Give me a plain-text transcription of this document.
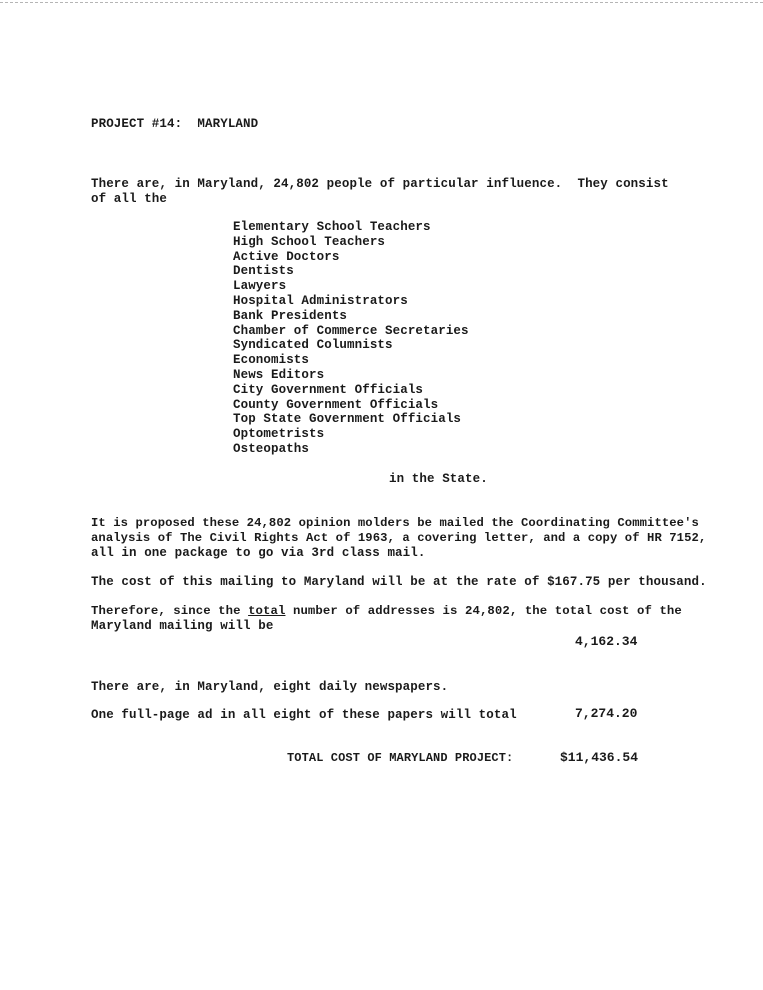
PROJECT #14:  MARYLAND
There are, in Maryland, 24,802 people of particular influence.  They consist
of all the
Elementary School Teachers
High School Teachers
Active Doctors
Dentists
Lawyers
Hospital Administrators
Bank Presidents
Chamber of Commerce Secretaries
Syndicated Columnists
Economists
News Editors
City Government Officials
County Government Officials
Top State Government Officials
Optometrists
Osteopaths
in the State.
It is proposed these 24,802 opinion molders be mailed the Coordinating Committee's
analysis of The Civil Rights Act of 1963, a covering letter, and a copy of HR 7152,
all in one package to go via 3rd class mail.
The cost of this mailing to Maryland will be at the rate of $167.75 per thousand.
Therefore, since the total number of addresses is 24,802, the total cost of the
Maryland mailing will be
4,162.34
There are, in Maryland, eight daily newspapers.
One full-page ad in all eight of these papers will total	7,274.20
TOTAL COST OF MARYLAND PROJECT:	$11,436.54
